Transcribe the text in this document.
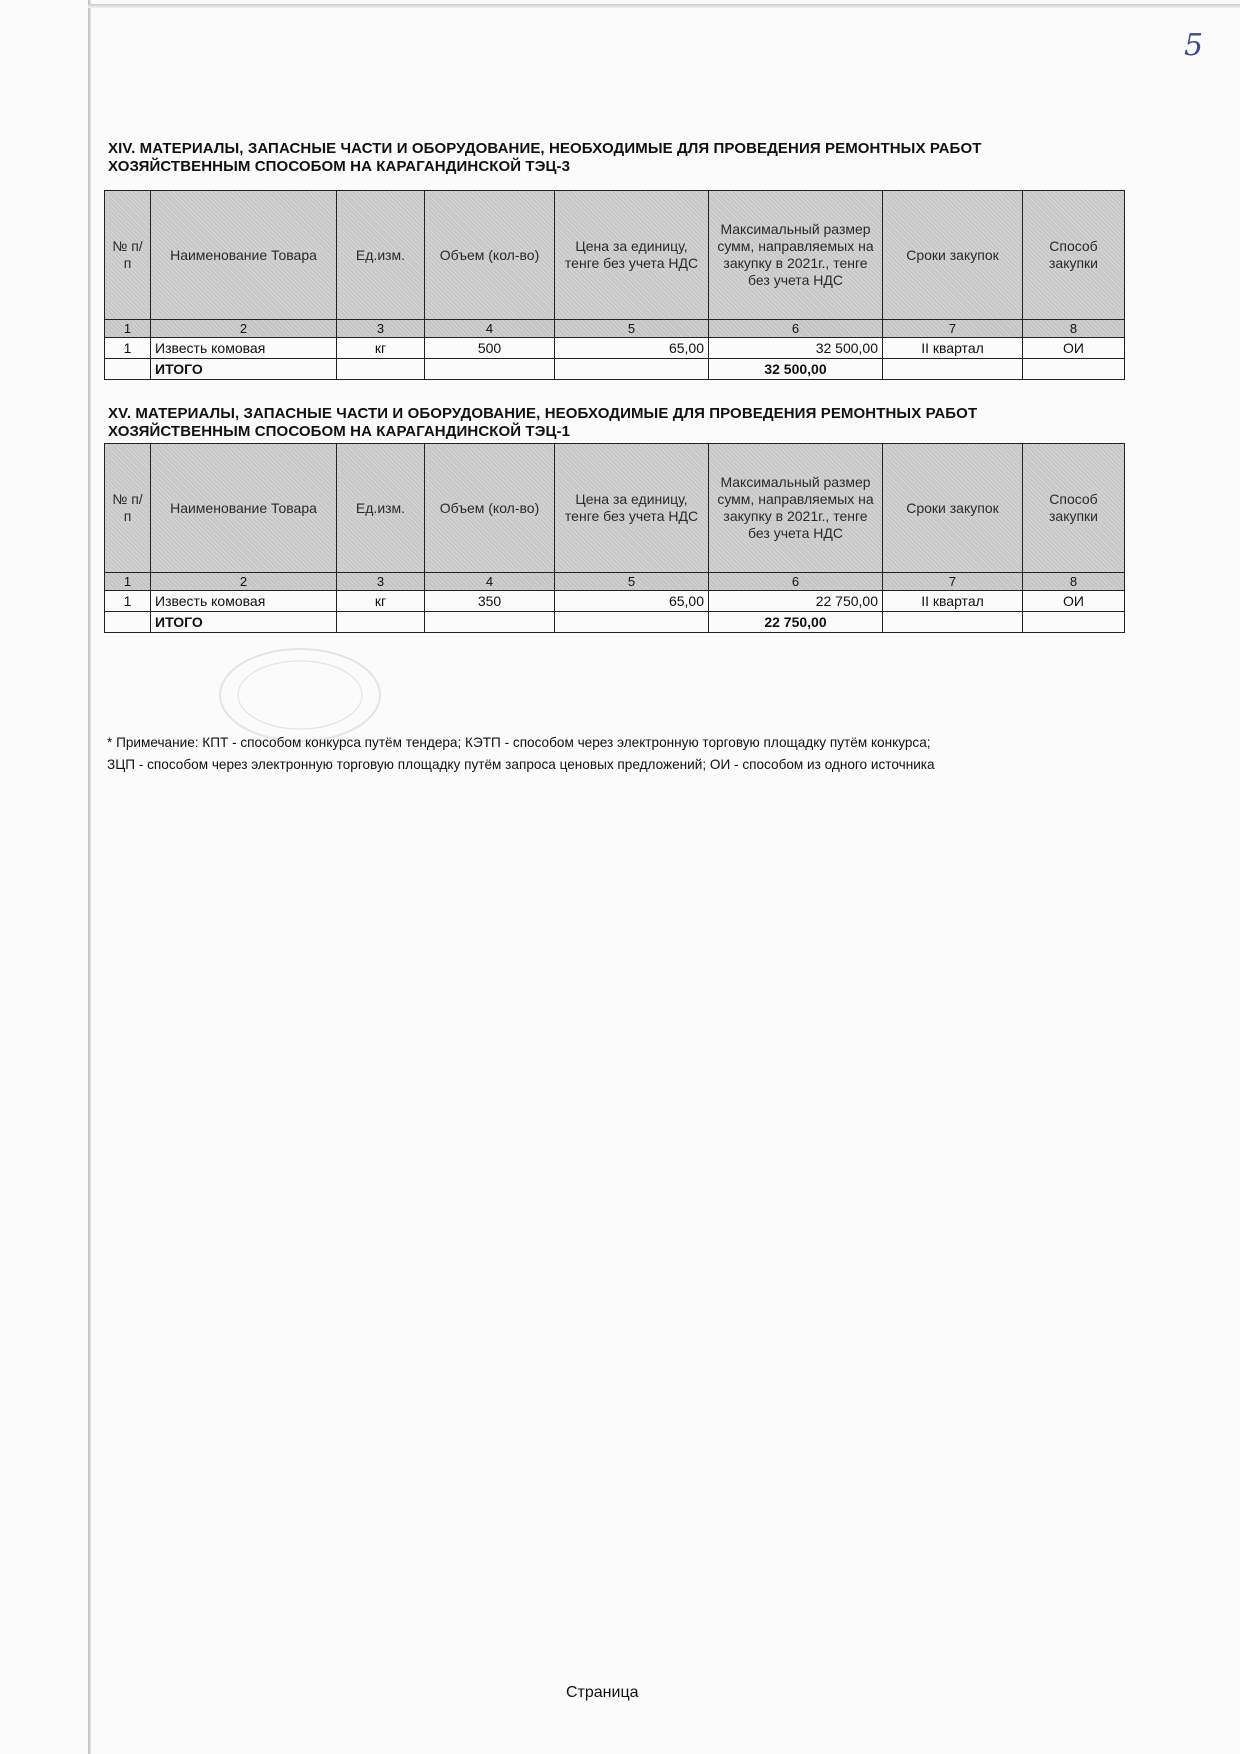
5
XIV. МАТЕРИАЛЫ, ЗАПАСНЫЕ ЧАСТИ И ОБОРУДОВАНИЕ, НЕОБХОДИМЫЕ ДЛЯ ПРОВЕДЕНИЯ РЕМОНТНЫХ РАБОТ ХОЗЯЙСТВЕННЫМ СПОСОБОМ НА КАРАГАНДИНСКОЙ ТЭЦ-3
№ п/п	Наименование Товара	Ед.изм.	Объем (кол-во)	Цена за единицу, тенге без учета НДС	Максимальный размер сумм, направляемых на закупку в 2021г., тенге без учета НДС	Сроки закупок	Способ закупки
1	2	3	4	5	6	7	8
1	Известь комовая	кг	500	65,00	32 500,00	II квартал	ОИ
	ИТОГО				32 500,00		
XV. МАТЕРИАЛЫ, ЗАПАСНЫЕ ЧАСТИ И ОБОРУДОВАНИЕ, НЕОБХОДИМЫЕ ДЛЯ ПРОВЕДЕНИЯ РЕМОНТНЫХ РАБОТ ХОЗЯЙСТВЕННЫМ СПОСОБОМ НА КАРАГАНДИНСКОЙ ТЭЦ-1
№ п/п	Наименование Товара	Ед.изм.	Объем (кол-во)	Цена за единицу, тенге без учета НДС	Максимальный размер сумм, направляемых на закупку в 2021г., тенге без учета НДС	Сроки закупок	Способ закупки
1	2	3	4	5	6	7	8
1	Известь комовая	кг	350	65,00	22 750,00	II квартал	ОИ
	ИТОГО				22 750,00		
* Примечание: КПТ - способом конкурса путём тендера; КЭТП - способом через электронную торговую площадку путём конкурса;
ЗЦП - способом через электронную торговую площадку путём запроса ценовых предложений; ОИ - способом из одного источника
Страница
